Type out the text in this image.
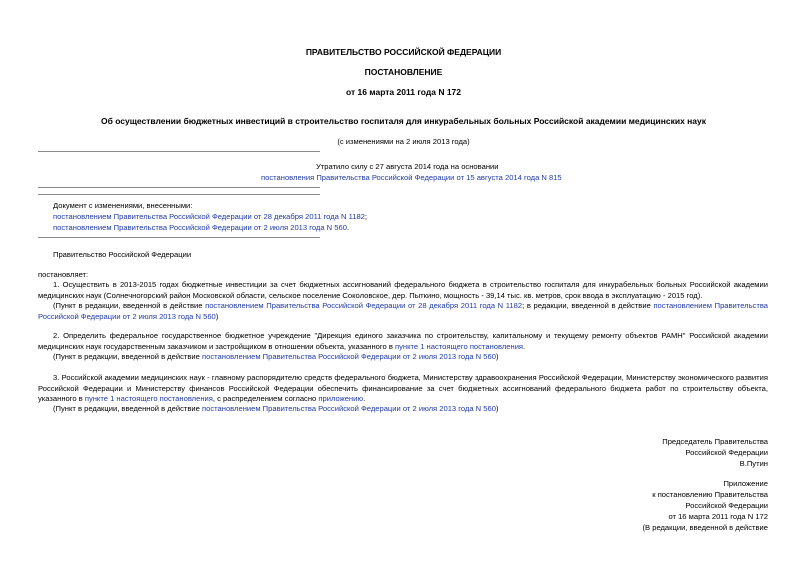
ПРАВИТЕЛЬСТВО РОССИЙСКОЙ ФЕДЕРАЦИИ
ПОСТАНОВЛЕНИЕ
от 16 марта 2011 года N 172
Об осуществлении бюджетных инвестиций в строительство госпиталя для инкурабельных больных Российской академии медицинских наук
(с изменениями на 2 июля 2013 года)
Утратило силу с 27 августа 2014 года на основании
постановления Правительства Российской Федерации от 15 августа 2014 года N 815
Документ с изменениями, внесенными:
постановлением Правительства Российской Федерации от 28 декабря 2011 года N 1182;
постановлением Правительства Российской Федерации от 2 июля 2013 года N 560.
Правительство Российской Федерации
постановляет:
1. Осуществить в 2013-2015 годах бюджетные инвестиции за счет бюджетных ассигнований федерального бюджета в строительство госпиталя для инкурабельных больных Российской академии медицинских наук (Солнечногорский район Московской области, сельское поселение Соколовское, дер. Пыткино, мощность - 39,14 тыс. кв. метров, срок ввода в эксплуатацию - 2015 год).
(Пункт в редакции, введенной в действие постановлением Правительства Российской Федерации от 28 декабря 2011 года N 1182; в редакции, введенной в действие постановлением Правительства Российской Федерации от 2 июля 2013 года N 560)
2. Определить федеральное государственное бюджетное учреждение "Дирекция единого заказчика по строительству, капитальному и текущему ремонту объектов РАМН" Российской академии медицинских наук государственным заказчиком и застройщиком в отношении объекта, указанного в пункте 1 настоящего постановления.
(Пункт в редакции, введенной в действие постановлением Правительства Российской Федерации от 2 июля 2013 года N 560)
3. Российской академии медицинских наук - главному распорядителю средств федерального бюджета, Министерству здравоохранения Российской Федерации, Министерству экономического развития Российской Федерации и Министерству финансов Российской Федерации обеспечить финансирование за счет бюджетных ассигнований федерального бюджета работ по строительству объекта, указанного в пункте 1 настоящего постановления, с распределением согласно приложению.
(Пункт в редакции, введенной в действие постановлением Правительства Российской Федерации от 2 июля 2013 года N 560)
Председатель Правительства
Российской Федерации
В.Путин
Приложение
к постановлению Правительства
Российской Федерации
от 16 марта 2011 года N 172
(В редакции, введенной в действие
